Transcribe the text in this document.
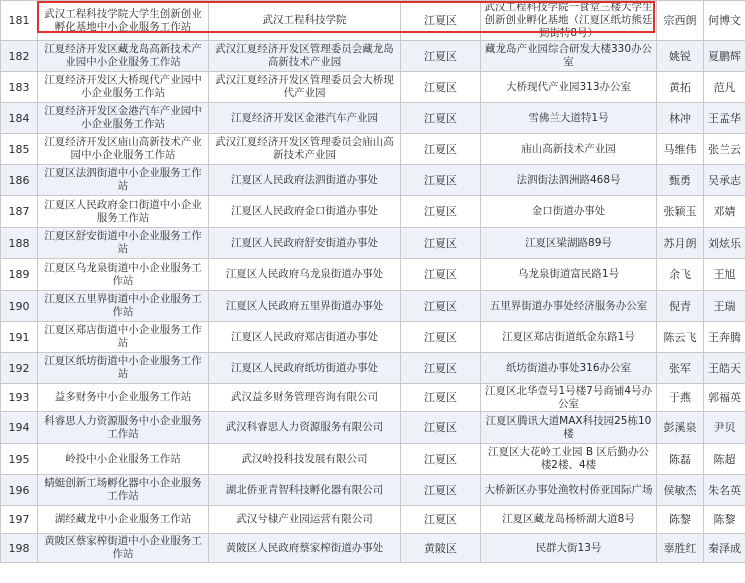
181	武汉工程科技学院大学生创新创业孵化基地中小企业服务工作站	武汉工程科技学院	江夏区	武汉工程科技学院一食堂三楼大学生创新创业孵化基地（江夏区纸坊熊廷弼街特8号）	宗西朗	何博文
182	江夏经济开发区藏龙岛高新技术产业园中小企业服务工作站	武汉江夏经济开发区管理委员会藏龙岛高新技术产业园	江夏区	藏龙岛产业园综合研发大楼330办公室	姚锐	夏鹏辉
183	江夏经济开发区大桥现代产业园中小企业服务工作站	武汉江夏经济开发区管理委员会大桥现代产业园	江夏区	大桥现代产业园313办公室	黄拓	范凡
184	江夏经济开发区金港汽车产业园中小企业服务工作站	江夏经济开发区金港汽车产业园	江夏区	雪佛兰大道特1号	林冲	王孟华
185	江夏经济开发区庙山高新技术产业园中小企业服务工作站	武汉江夏经济开发区管理委员会庙山高新技术产业园	江夏区	庙山高新技术产业园	马维伟	张兰云
186	江夏区法泗街道中小企业服务工作站	江夏区人民政府法泗街道办事处	江夏区	法泗街法泗洲路468号	甄勇	吴承志
187	江夏区人民政府金口街道中小企业服务工作站	江夏区人民政府金口街道办事处	江夏区	金口街道办事处	张颖玉	邓婧
188	江夏区舒安街道中小企业服务工作站	江夏区人民政府舒安街道办事处	江夏区	江夏区梁湖路89号	苏月朗	刘炫乐
189	江夏区乌龙泉街道中小企业服务工作站	江夏区人民政府乌龙泉街道办事处	江夏区	乌龙泉街道富民路1号	余飞	王旭
190	江夏区五里界街道中小企业服务工作站	江夏区人民政府五里界街道办事处	江夏区	五里界街道办事处经济服务办公室	倪青	王瑞
191	江夏区郑店街道中小企业服务工作站	江夏区人民政府郑店街道办事处	江夏区	江夏区郑店街道纸金东路1号	陈云飞	王奔腾
192	江夏区纸坊街道中小企业服务工作站	江夏区人民政府纸坊街道办事处	江夏区	纸坊街道办事处316办公室	张军	王皓天
193	益多财务中小企业服务工作站	武汉益多财务管理咨询有限公司	江夏区	江夏区北华壹号1号楼7号商铺4号办公室	于燕	郭福英
194	科睿思人力资源服务中小企业服务工作站	武汉科睿思人力资源服务有限公司	江夏区	江夏区腾讯大道MAX科技园25栋10楼	彭溪泉	尹贝
195	岭投中小企业服务工作站	武汉岭投科技发展有限公司	江夏区	江夏区大花岭工业园 B 区后勤办公楼2楼、4楼	陈磊	陈超
196	蜻蜓创新工场孵化器中小企业服务工作站	湖北侨亚青智科技孵化器有限公司	江夏区	大桥新区办事处渔牧村侨亚国际广场	侯敏杰	朱名英
197	湖经藏龙中小企业服务工作站	武汉兮棣产业园运营有限公司	江夏区	江夏区藏龙岛杨桥湖大道8号	陈黎	陈黎
198	黄陂区蔡家榨街道中小企业服务工作站	黄陂区人民政府蔡家榨街道办事处	黄陂区	民群大街13号	辜胜红	秦泽成
